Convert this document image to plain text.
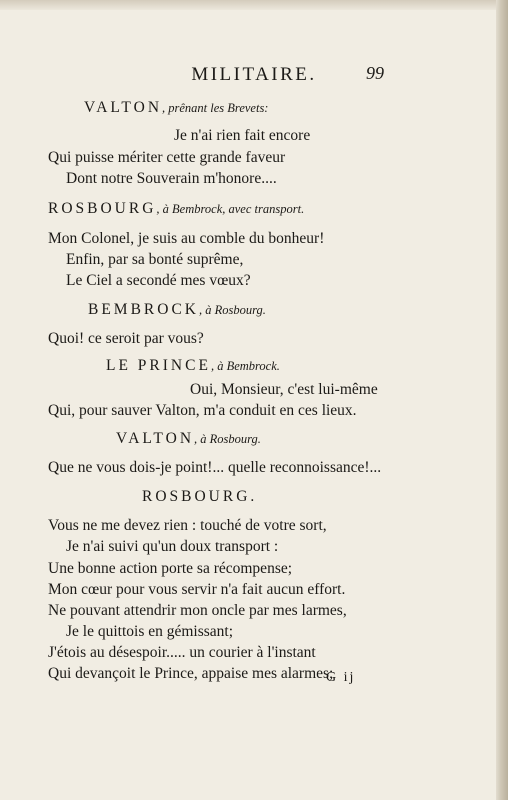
MILITAIRE.	99
VALTON, prênant les Brevets:
Je n'ai rien fait encore
Qui puisse mériter cette grande faveur
Dont notre Souverain m'honore....
ROSBOURG, à Bembrock, avec transport.
Mon Colonel, je suis au comble du bonheur!
Enfin, par sa bonté suprême,
Le Ciel a secondé mes vœux?
BEMBROCK, à Rosbourg.
Quoi! ce seroit par vous?
LE PRINCE, à Bembrock.
Oui, Monsieur, c'est lui-même
Qui, pour sauver Valton, m'a conduit en ces lieux.
VALTON, à Rosbourg.
Que ne vous dois-je point!... quelle reconnoissance!...
ROSBOURG.
Vous ne me devez rien : touché de votre sort,
Je n'ai suivi qu'un doux transport :
Une bonne action porte sa récompense;
Mon cœur pour vous servir n'a fait aucun effort.
Ne pouvant attendrir mon oncle par mes larmes,
Je le quittois en gémissant;
J'étois au désespoir..... un courier à l'instant
Qui devançoit le Prince, appaise mes alarmes;
G ij
